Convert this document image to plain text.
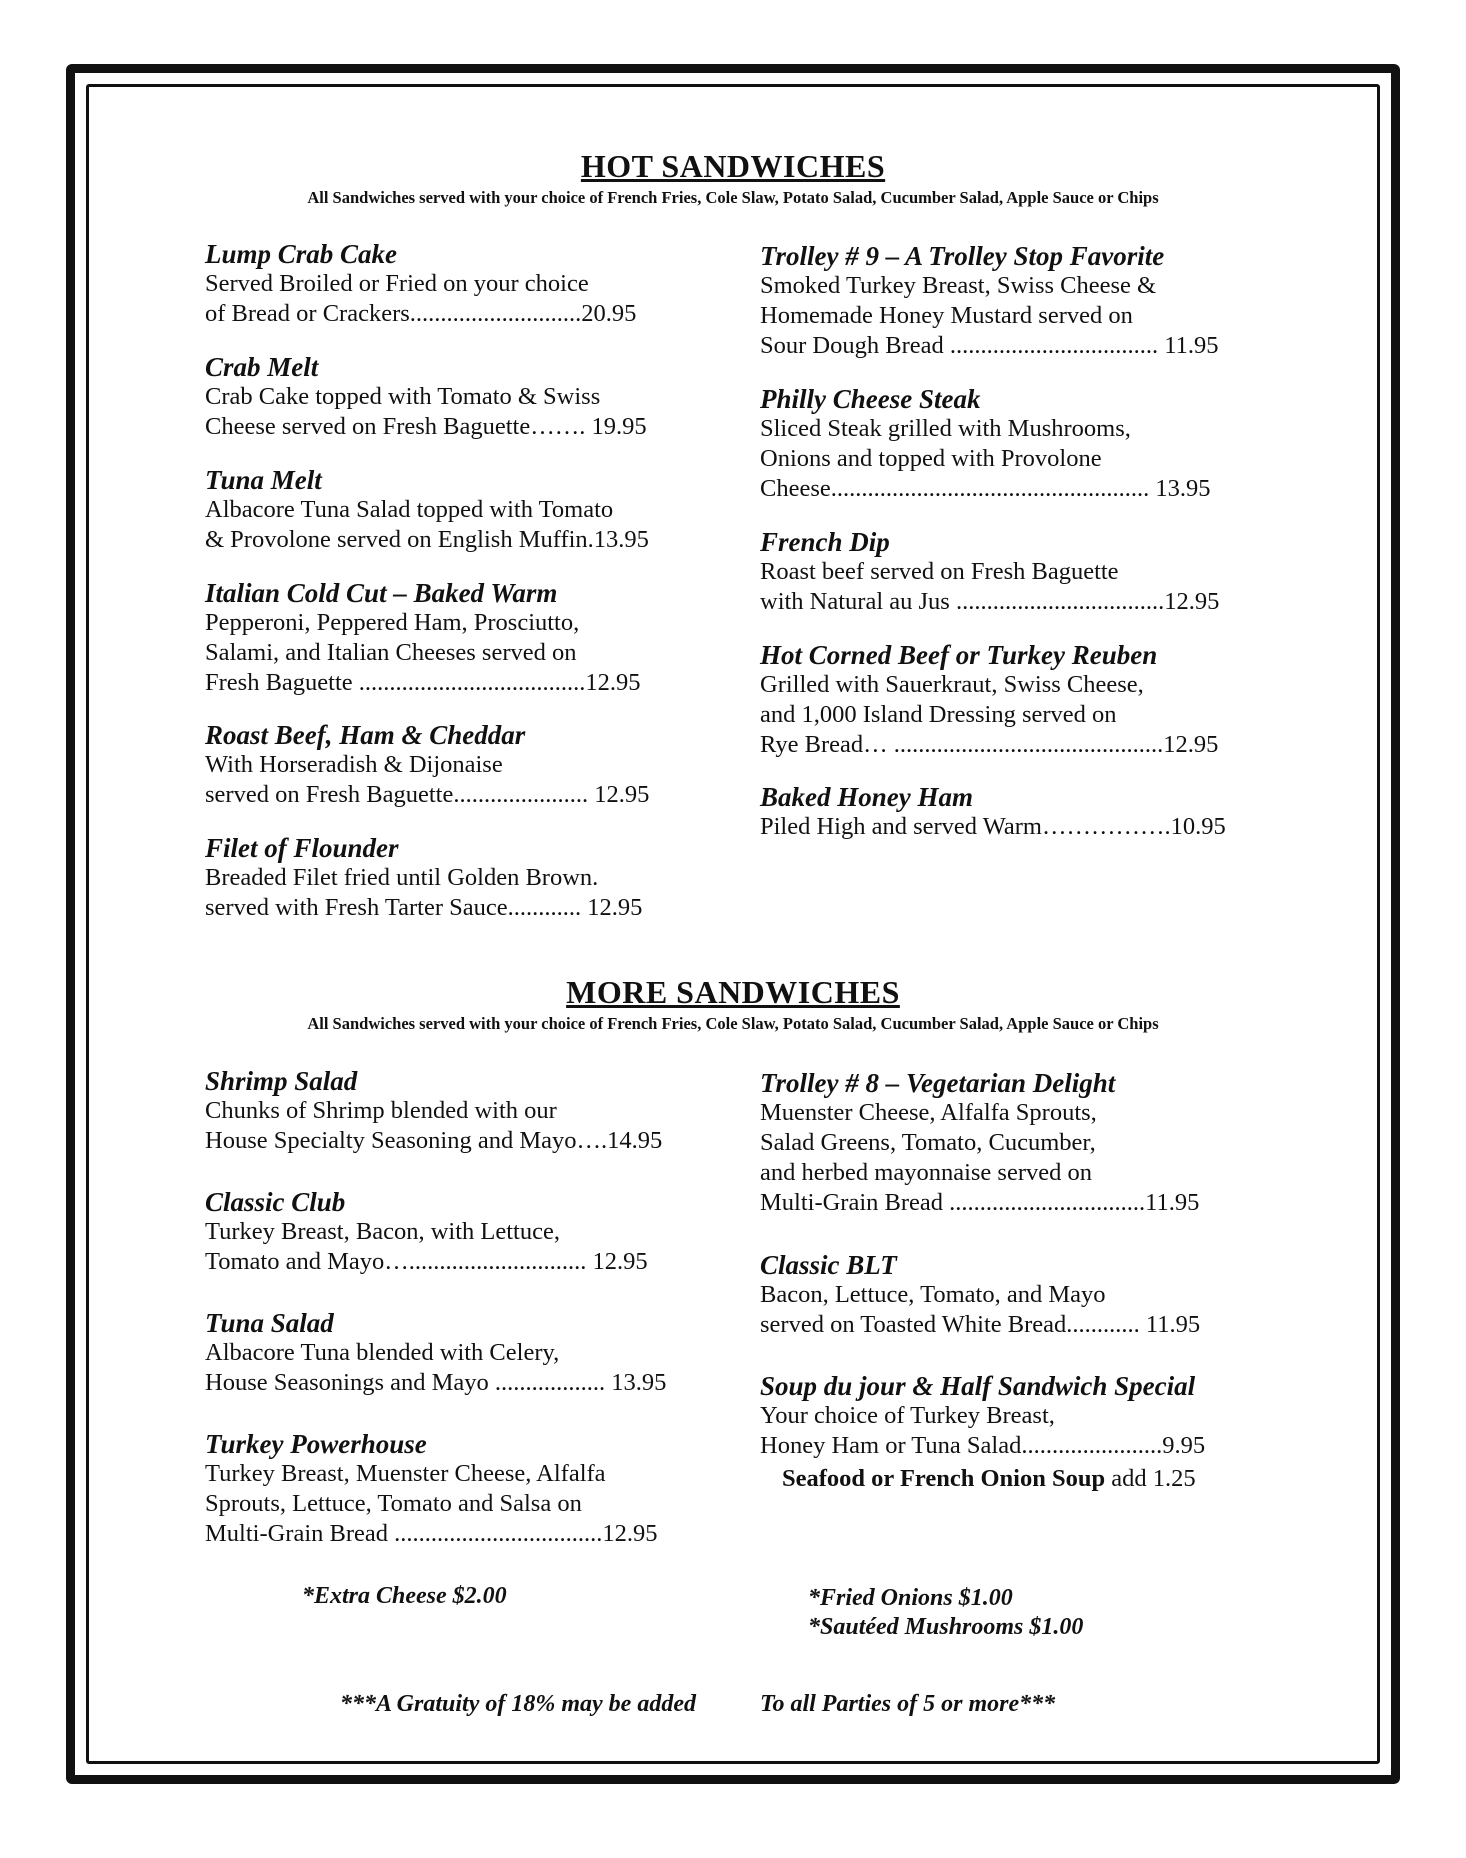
HOT SANDWICHES
All Sandwiches served with your choice of French Fries, Cole Slaw, Potato Salad, Cucumber Salad, Apple Sauce or Chips
Lump Crab Cake
Served Broiled or Fried on your choice
of Bread or Crackers............................20.95
Crab Melt
Crab Cake topped with Tomato & Swiss
Cheese served on Fresh Baguette……. 19.95
Tuna Melt
Albacore Tuna Salad topped with Tomato
& Provolone served on English Muffin.13.95
Italian Cold Cut – Baked Warm
Pepperoni, Peppered Ham, Prosciutto,
Salami, and Italian Cheeses served on
Fresh Baguette .....................................12.95
Roast Beef, Ham & Cheddar
With Horseradish & Dijonaise
served on Fresh Baguette...................... 12.95
Filet of Flounder
Breaded Filet fried until Golden Brown.
served with Fresh Tarter Sauce............ 12.95
Trolley # 9 – A Trolley Stop Favorite
Smoked Turkey Breast, Swiss Cheese &
Homemade Honey Mustard served on
Sour Dough Bread .................................. 11.95
Philly Cheese Steak
Sliced Steak grilled with Mushrooms,
Onions and topped with Provolone
Cheese.................................................... 13.95
French Dip
Roast beef served on Fresh Baguette
with Natural au Jus ..................................12.95
Hot Corned Beef or Turkey Reuben
Grilled with Sauerkraut, Swiss Cheese,
and 1,000 Island Dressing served on
Rye Bread… ............................................12.95
Baked Honey Ham
Piled High and served Warm…………….10.95
MORE SANDWICHES
All Sandwiches served with your choice of French Fries, Cole Slaw, Potato Salad, Cucumber Salad, Apple Sauce or Chips
Shrimp Salad
Chunks of Shrimp blended with our
House Specialty Seasoning and Mayo….14.95
Classic Club
Turkey Breast, Bacon, with Lettuce,
Tomato and Mayo…............................. 12.95
Tuna Salad
Albacore Tuna blended with Celery,
House Seasonings and Mayo .................. 13.95
Turkey Powerhouse
Turkey Breast, Muenster Cheese, Alfalfa
Sprouts, Lettuce, Tomato and Salsa on
Multi-Grain Bread ..................................12.95
Trolley # 8 – Vegetarian Delight
Muenster Cheese, Alfalfa Sprouts,
Salad Greens, Tomato, Cucumber,
and herbed mayonnaise served on
Multi-Grain Bread ................................11.95
Classic BLT
Bacon, Lettuce, Tomato, and Mayo
served on Toasted White Bread............ 11.95
Soup du jour & Half Sandwich Special
Your choice of Turkey Breast,
Honey Ham or Tuna Salad.......................9.95
Seafood or French Onion Soup add 1.25
*Extra Cheese $2.00	*Fried Onions $1.00
*Sautéed Mushrooms $1.00
***A Gratuity of 18% may be added	To all Parties of 5 or more***
